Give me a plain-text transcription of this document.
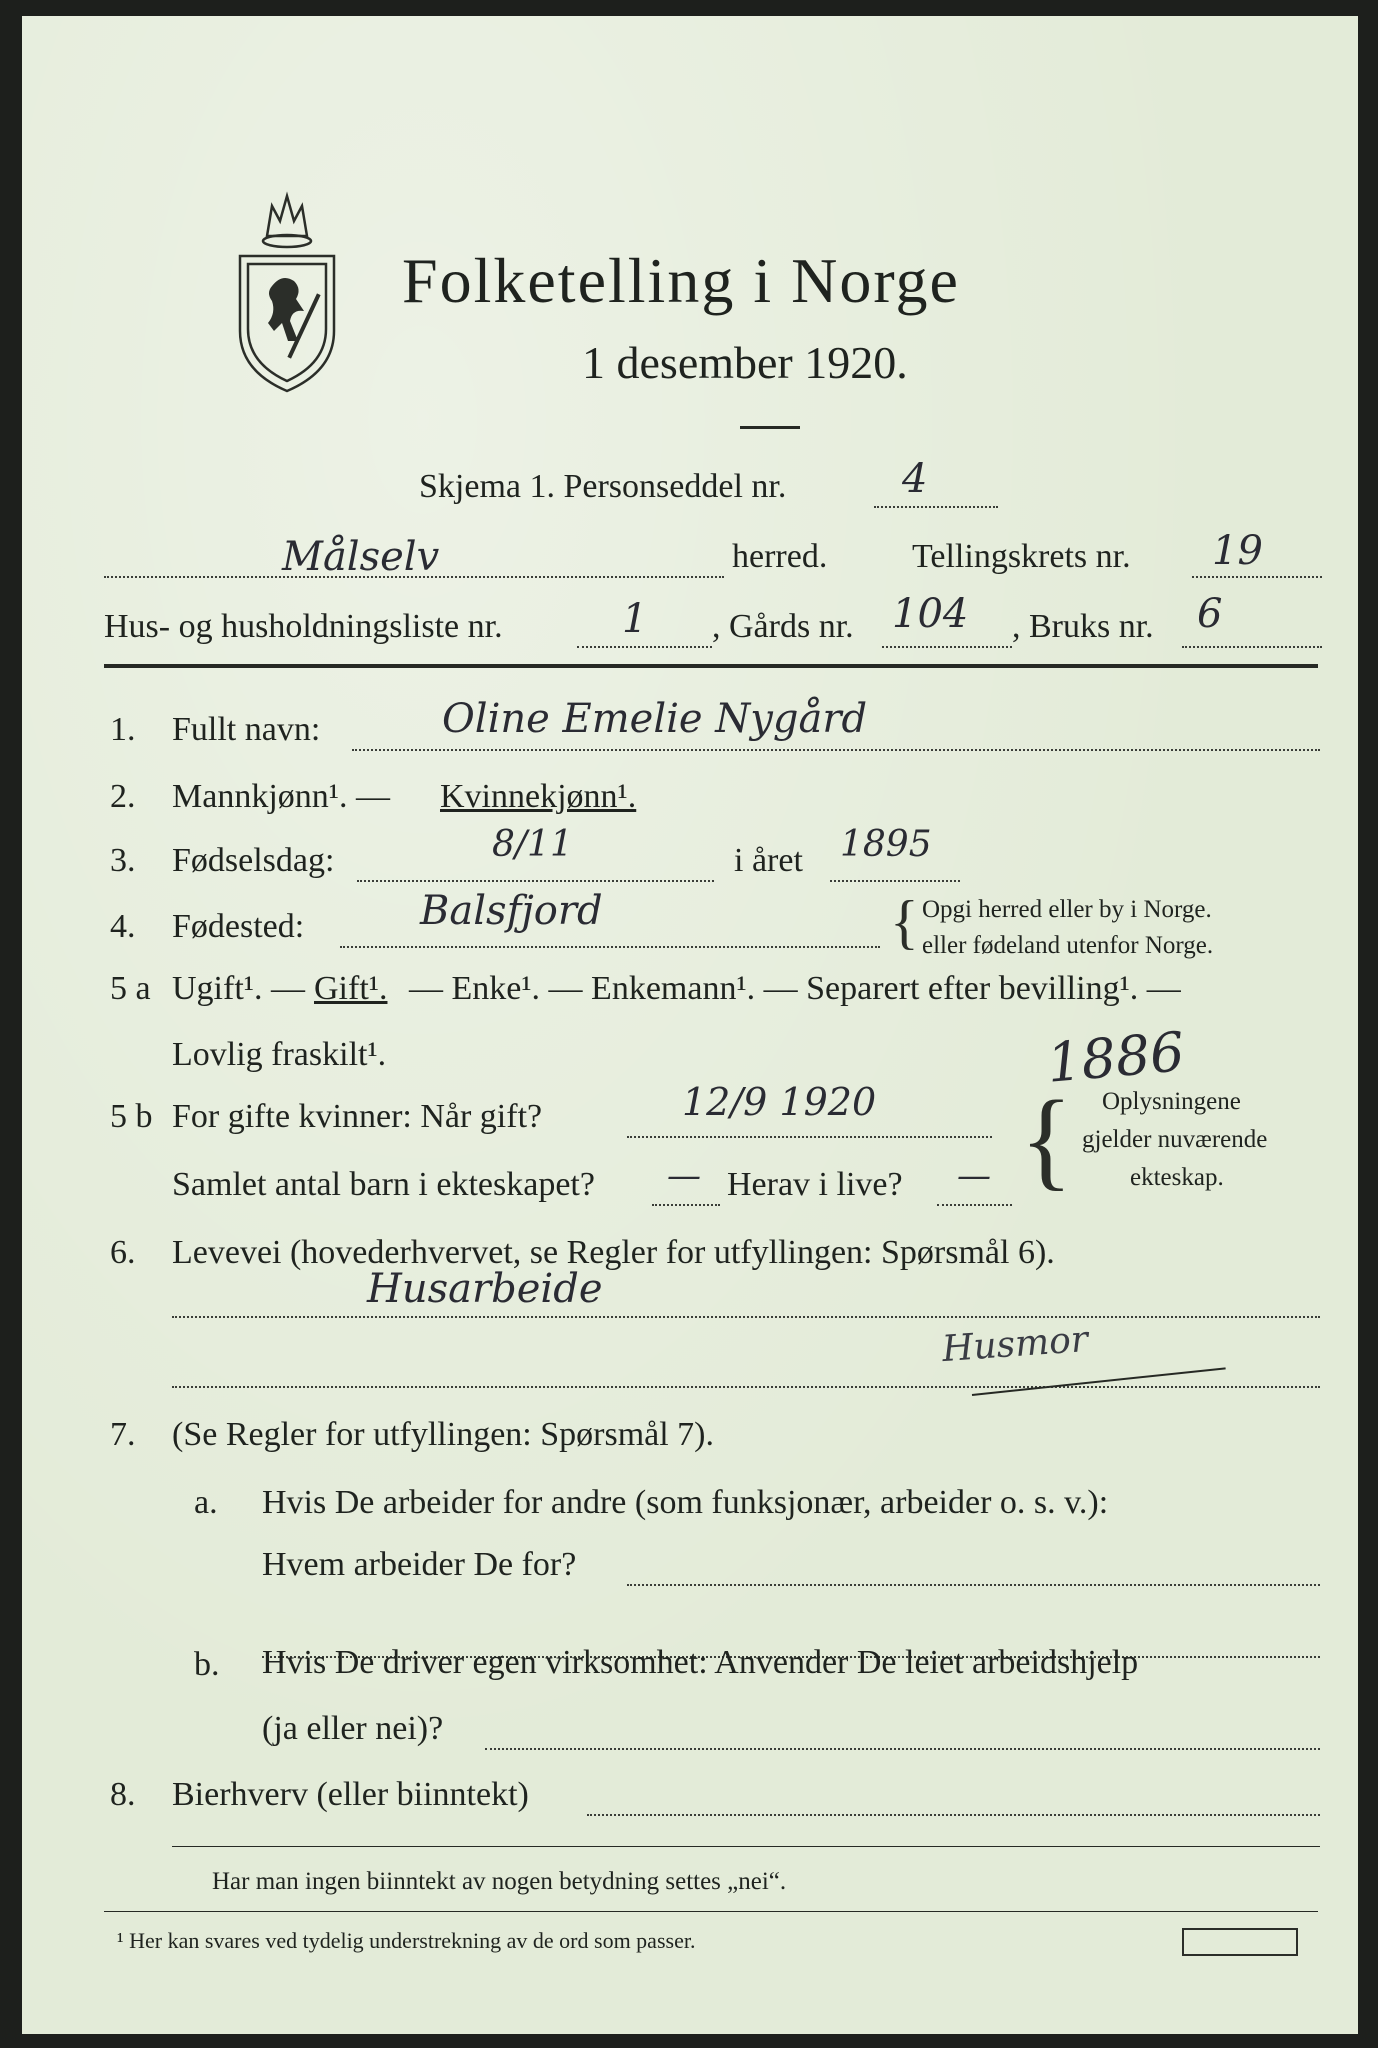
Folketelling i Norge
1 desember 1920.
Skjema 1. Personseddel nr.	4
Målselv	herred. Tellingskrets nr. 19
Hus- og husholdningsliste nr.	1 , Gårds nr. 104 , Bruks nr. 6
1. Fullt navn:	Oline Emelie Nygård
2. Mannkjønn¹. — Kvinnekjønn¹.
3. Fødselsdag:	8/11	i året 1895
4. Fødested:	Balsfjord	{ Opgi herred eller by i Norge.
eller fødeland utenfor Norge.
5 a Ugift¹. — Gift¹. — Enke¹. — Enkemann¹. — Separert efter bevilling¹. —
Lovlig fraskilt¹.	1886
5 b For gifte kvinner: Når gift?	12/9 1920
Samlet antal barn i ekteskapet? — Herav i live? — { Oplysningene
gjelder nuværende
ekteskap.
6. Levevei (hovederhvervet, se Regler for utfyllingen: Spørsmål 6).
Husarbeide
Husmor
7. (Se Regler for utfyllingen: Spørsmål 7).
a. Hvis De arbeider for andre (som funksjonær, arbeider o. s. v.):
Hvem arbeider De for?
b. Hvis De driver egen virksomhet: Anvender De leiet arbeidshjelp
(ja eller nei)?
8. Bierhverv (eller biinntekt)
Har man ingen biinntekt av nogen betydning settes „nei“.
¹ Her kan svares ved tydelig understrekning av de ord som passer.
